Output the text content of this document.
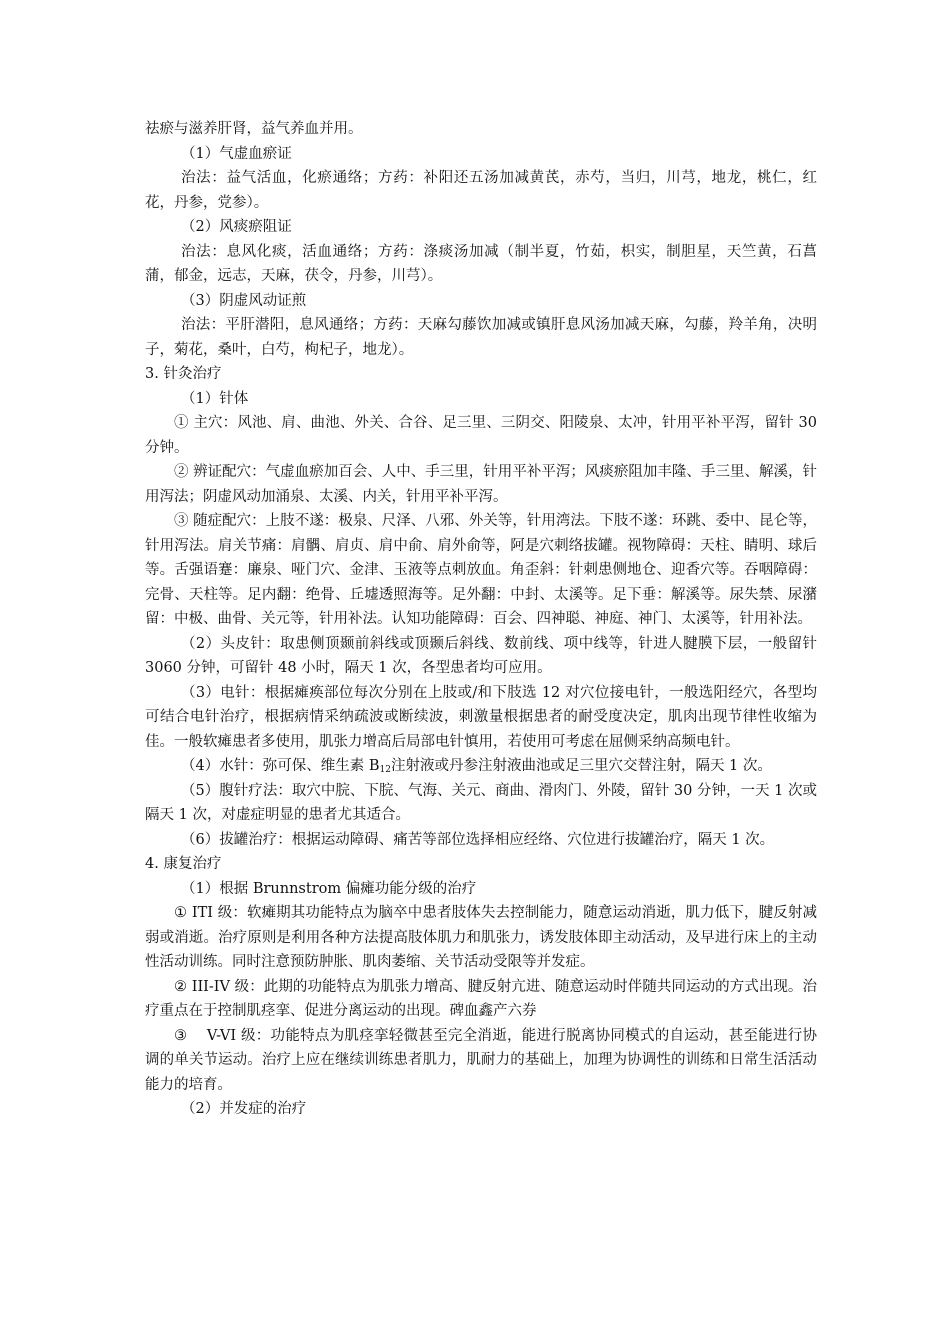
祛瘀与滋养肝肾，益气养血并用。

（1）气虚血瘀证

治法：益气活血，化瘀通络；方药：补阳还五汤加减黄芪，赤芍，当归，川芎，地龙，桃仁，红花，丹参，党参）。

（2）风痰瘀阻证

治法：息风化痰，活血通络；方药：涤痰汤加减（制半夏，竹茹，枳实，制胆星，天竺黄，石菖蒲，郁金，远志，天麻，茯令，丹参，川芎）。

（3）阴虚风动证煎

治法：平肝潜阳，息风通络；方药：天麻勾藤饮加减或镇肝息风汤加减天麻，勾藤，羚羊角，决明子，菊花，桑叶，白芍，枸杞子，地龙）。

3. 针灸治疗

（1）针体

① 主穴：风池、肩、曲池、外关、合谷、足三里、三阴交、阳陵泉、太冲，针用平补平泻，留针 30 分钟。

② 辨证配穴：气虚血瘀加百会、人中、手三里，针用平补平泻；风痰瘀阻加丰隆、手三里、解溪，针用泻法；阴虚风动加涌泉、太溪、内关，针用平补平泻。

③ 随症配穴：上肢不遂：极泉、尺泽、八邪、外关等，针用湾法。下肢不遂：环跳、委中、昆仑等，针用泻法。肩关节痛：肩髃、肩贞、肩中俞、肩外俞等，阿是穴刺络拔罐。视物障碍：天柱、睛明、球后等。舌强语蹇：廉泉、哑门穴、金津、玉液等点刺放血。角歪斜：针刺患侧地仓、迎香穴等。吞咽障碍：完骨、天柱等。足内翻：绝骨、丘墟透照海等。足外翻：中封、太溪等。足下垂：解溪等。尿失禁、尿潴留：中极、曲骨、关元等，针用补法。认知功能障碍：百会、四神聪、神庭、神门、太溪等，针用补法。

（2）头皮针：取患侧顶颞前斜线或顶颞后斜线、数前线、项中线等，针进人腱膜下层，一般留针 3060 分钟，可留针 48 小时，隔天 1 次，各型患者均可应用。

（3）电针：根据瘫痪部位每次分别在上肢或/和下肢选 12 对穴位接电针，一般选阳经穴，各型均可结合电针治疗，根据病情采纳疏波或断续波，刺激量根据患者的耐受度决定，肌肉出现节律性收缩为佳。一般软瘫患者多使用，肌张力增高后局部电针慎用，若使用可考虑在屈侧采纳高频电针。

（4）水针：弥可保、维生素 $B_{12}$注射液或丹参注射液曲池或足三里穴交替注射，隔天 1 次。

（5）腹针疗法：取穴中脘、下脘、气海、关元、商曲、滑肉门、外陵，留针 30 分钟，一天 1 次或隔天 1 次，对虚症明显的患者尤其适合。

（6）拔罐治疗：根据运动障碍、痛苦等部位选择相应经络、穴位进行拔罐治疗，隔天 1 次。

4. 康复治疗

（1）根据 Brunnstrom 偏瘫功能分级的治疗

① ITI 级：软瘫期其功能特点为脑卒中患者肢体失去控制能力，随意运动消逝，肌力低下，腱反射减弱或消逝。治疗原则是利用各种方法提高肢体肌力和肌张力，诱发肢体即主动活动，及早进行床上的主动性活动训练。同时注意预防肿胀、肌肉萎缩、关节活动受限等并发症。

② III-IV 级：此期的功能特点为肌张力增高、腱反射亢进、随意运动时伴随共同运动的方式出现。治疗重点在于控制肌痉挛、促进分离运动的出现。碑血鑫产六券

③　 V-VI 级：功能特点为肌痉挛轻微甚至完全消逝，能进行脱离协同模式的自运动，甚至能进行协调的单关节运动。治疗上应在继续训练患者肌力，肌耐力的基础上，加理为协调性的训练和日常生活活动能力的培育。

（2）并发症的治疗
